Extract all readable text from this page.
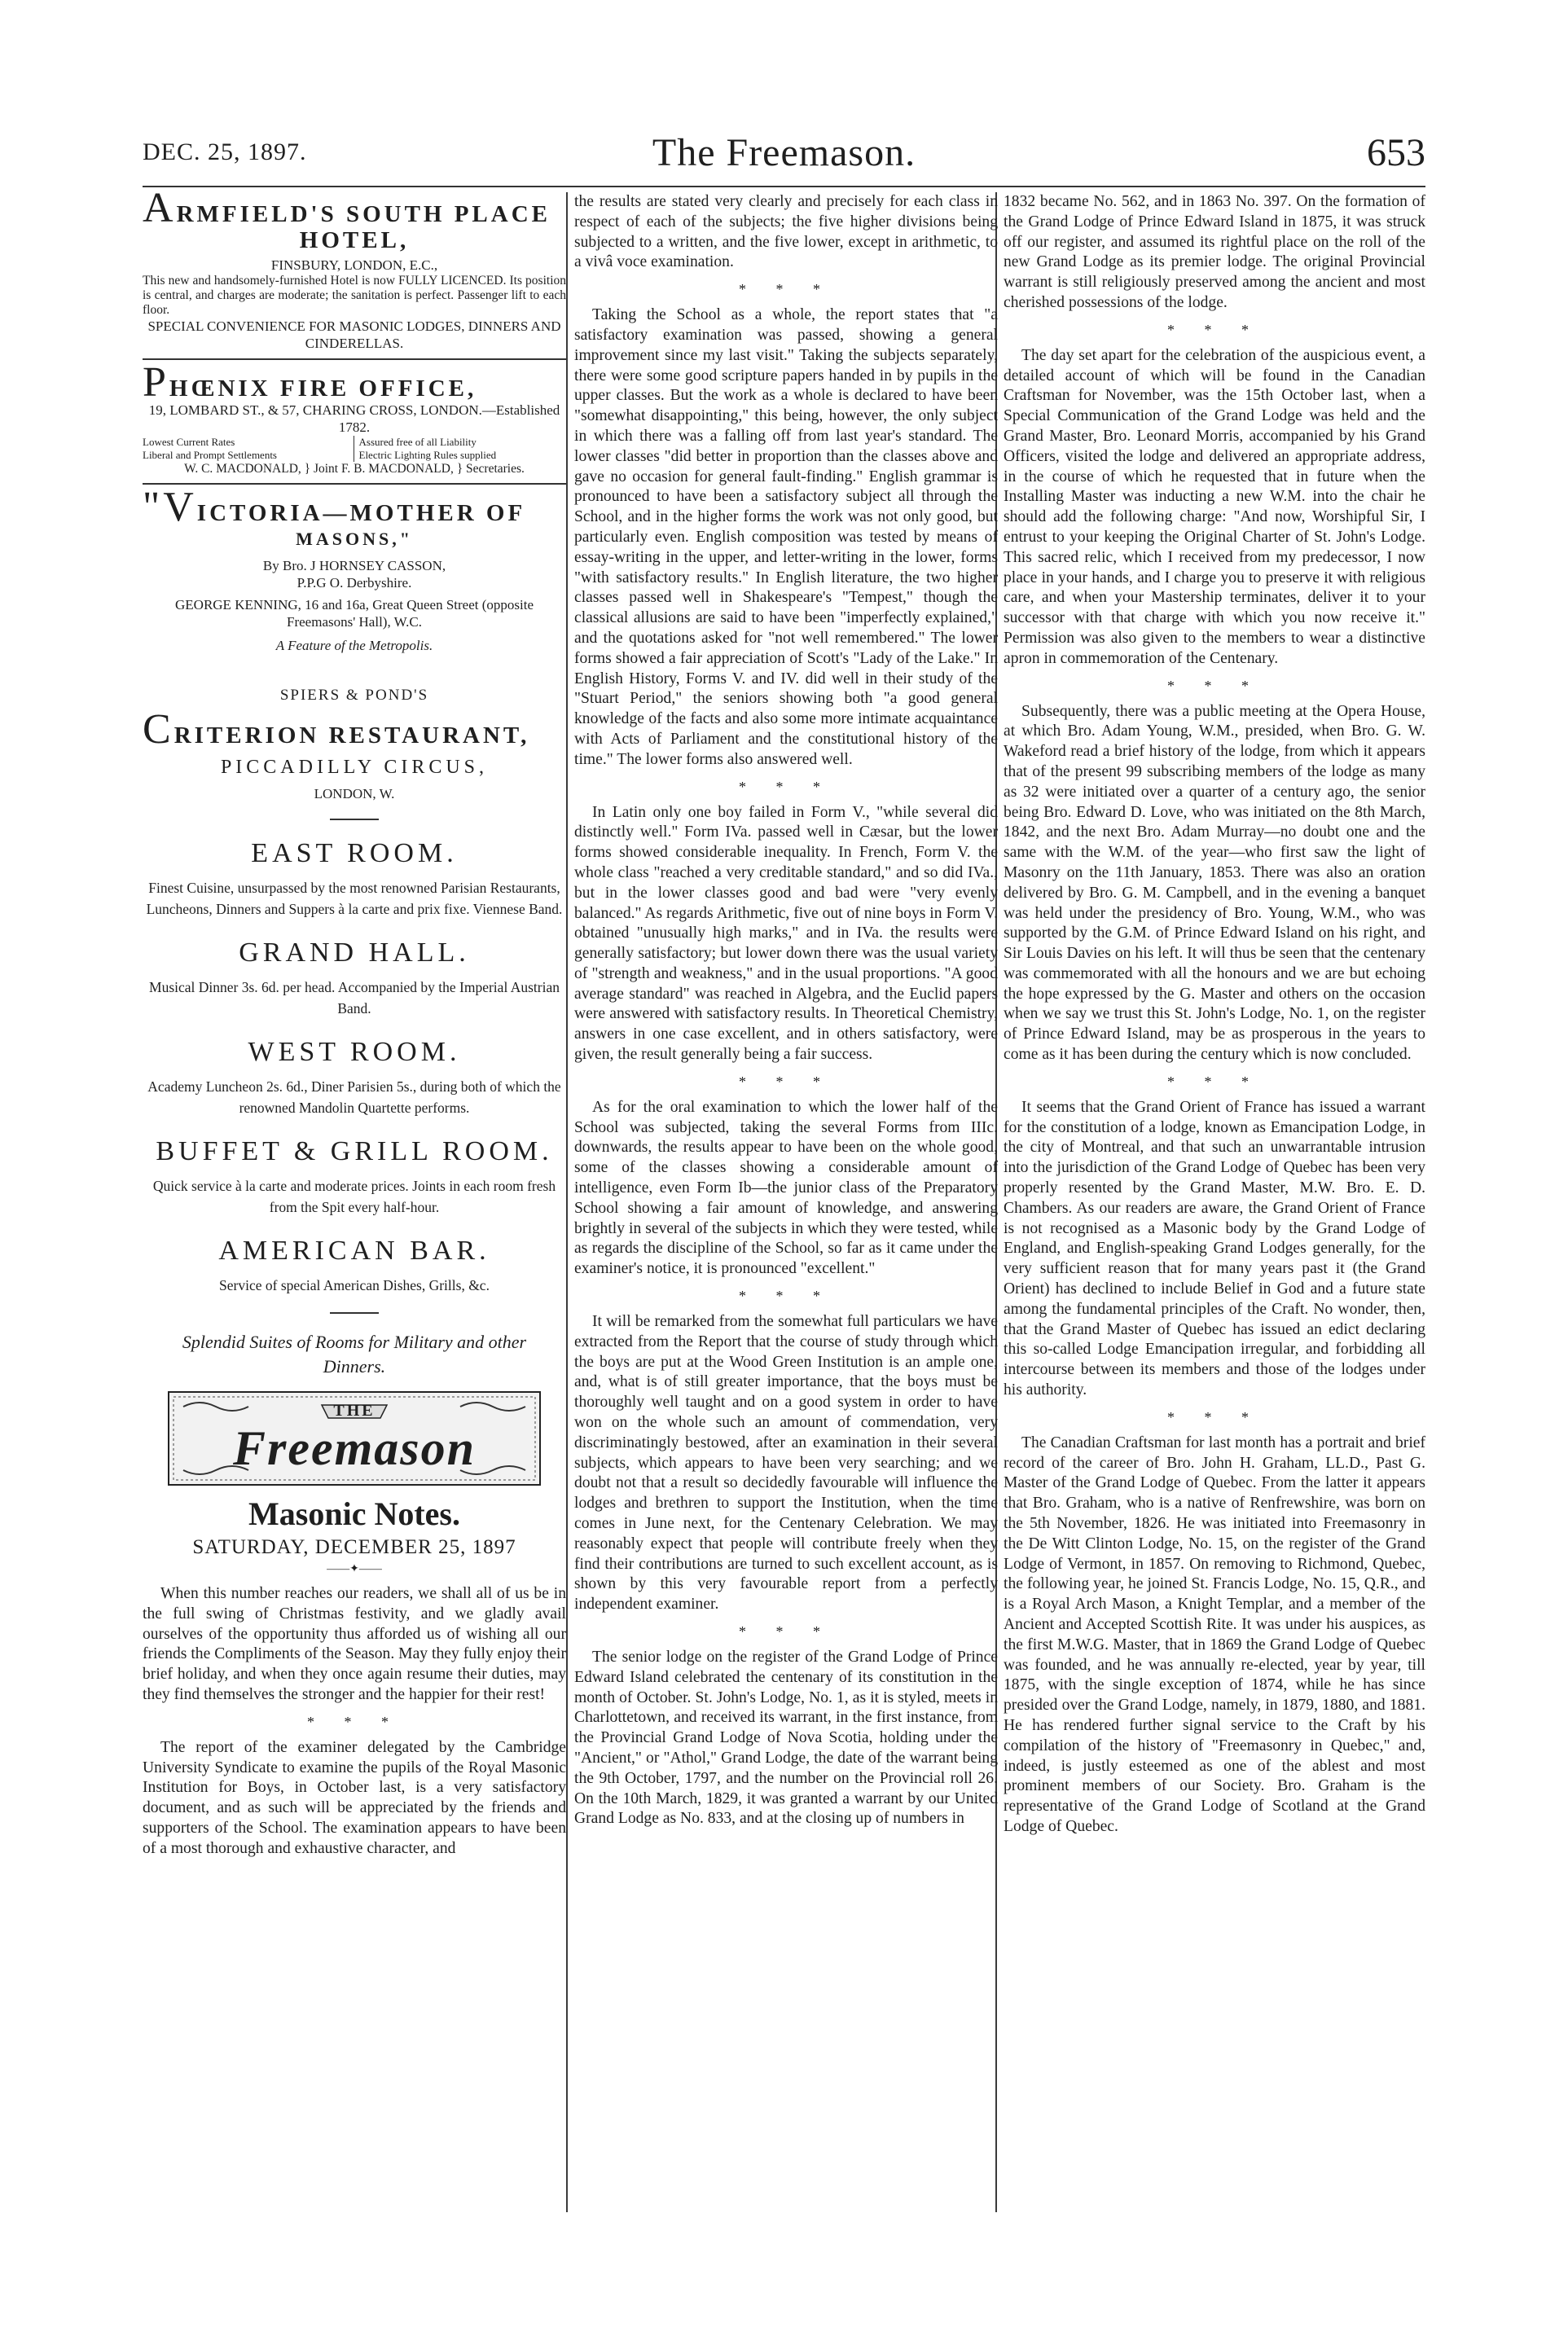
DEC. 25, 1897.	The Freemason.	653
ARMFIELD'S SOUTH PLACE
HOTEL,
FINSBURY, LONDON, E.C.,
This new and handsomely-furnished Hotel is now FULLY LICENCED. Its position is central, and charges are moderate; the sanitation is perfect. Passenger lift to each floor.
SPECIAL CONVENIENCE FOR MASONIC LODGES, DINNERS AND CINDERELLAS.
PHŒNIX FIRE OFFICE,
19, LOMBARD ST., & 57, CHARING CROSS, LONDON.—Established 1782.
Lowest Current Rates
Liberal and Prompt Settlements
Assured free of all Liability
Electric Lighting Rules supplied
W. C. MACDONALD, } Joint F. B. MACDONALD, } Secretaries.
"VICTORIA—MOTHER OF
MASONS,"
By Bro. J HORNSEY CASSON,
P.P.G O. Derbyshire.
GEORGE KENNING, 16 and 16a, Great Queen Street (opposite Freemasons' Hall), W.C.
A Feature of the Metropolis.
SPIERS & POND'S
CRITERION RESTAURANT,
PICCADILLY CIRCUS,
LONDON, W.
EAST ROOM.
Finest Cuisine, unsurpassed by the most renowned Parisian Restaurants, Luncheons, Dinners and Suppers à la carte and prix fixe. Viennese Band.
GRAND HALL.
Musical Dinner 3s. 6d. per head. Accompanied by the Imperial Austrian Band.
WEST ROOM.
Academy Luncheon 2s. 6d., Diner Parisien 5s., during both of which the renowned Mandolin Quartette performs.
BUFFET & GRILL ROOM.
Quick service à la carte and moderate prices. Joints in each room fresh from the Spit every half-hour.
AMERICAN BAR.
Service of special American Dishes, Grills, &c.
Splendid Suites of Rooms for Military and other Dinners.
THE
Freemason
Masonic Notes.
SATURDAY, DECEMBER 25, 1897
——✦——

When this number reaches our readers, we shall all of us be in the full swing of Christmas festivity, and we gladly avail ourselves of the opportunity thus afforded us of wishing all our friends the Compliments of the Season. May they fully enjoy their brief holiday, and when they once again resume their duties, may they find themselves the stronger and the happier for their rest!

* * *

The report of the examiner delegated by the Cambridge University Syndicate to examine the pupils of the Royal Masonic Institution for Boys, in October last, is a very satisfactory document, and as such will be appreciated by the friends and supporters of the School. The examination appears to have been of a most thorough and exhaustive character, and

the results are stated very clearly and precisely for each class in respect of each of the subjects; the five higher divisions being subjected to a written, and the five lower, except in arithmetic, to a vivâ voce examination.

* * *

Taking the School as a whole, the report states that "a satisfactory examination was passed, showing a general improvement since my last visit." Taking the subjects separately, there were some good scripture papers handed in by pupils in the upper classes. But the work as a whole is declared to have been "somewhat disappointing," this being, however, the only subject in which there was a falling off from last year's standard. The lower classes "did better in proportion than the classes above and gave no occasion for general fault-finding." English grammar is pronounced to have been a satisfactory subject all through the School, and in the higher forms the work was not only good, but particularly even. English composition was tested by means of essay-writing in the upper, and letter-writing in the lower, forms "with satisfactory results." In English literature, the two higher classes passed well in Shakespeare's "Tempest," though the classical allusions are said to have been "imperfectly explained," and the quotations asked for "not well remembered." The lower forms showed a fair appreciation of Scott's "Lady of the Lake." In English History, Forms V. and IV. did well in their study of the "Stuart Period," the seniors showing both "a good general knowledge of the facts and also some more intimate acquaintance with Acts of Parliament and the constitutional history of the time." The lower forms also answered well.

* * *

In Latin only one boy failed in Form V., "while several did distinctly well." Form IVa. passed well in Cæsar, but the lower forms showed considerable inequality. In French, Form V. the whole class "reached a very creditable standard," and so did IVa., but in the lower classes good and bad were "very evenly balanced." As regards Arithmetic, five out of nine boys in Form V. obtained "unusually high marks," and in IVa. the results were generally satisfactory; but lower down there was the usual variety of "strength and weakness," and in the usual proportions. "A good average standard" was reached in Algebra, and the Euclid papers were answered with satisfactory results. In Theoretical Chemistry, answers in one case excellent, and in others satisfactory, were given, the result generally being a fair success.

* * *

As for the oral examination to which the lower half of the School was subjected, taking the several Forms from IIIc. downwards, the results appear to have been on the whole good, some of the classes showing a considerable amount of intelligence, even Form Ib—the junior class of the Preparatory School showing a fair amount of knowledge, and answering brightly in several of the subjects in which they were tested, while as regards the discipline of the School, so far as it came under the examiner's notice, it is pronounced "excellent."

* * *

It will be remarked from the somewhat full particulars we have extracted from the Report that the course of study through which the boys are put at the Wood Green Institution is an ample one, and, what is of still greater importance, that the boys must be thoroughly well taught and on a good system in order to have won on the whole such an amount of commendation, very discriminatingly bestowed, after an examination in their several subjects, which appears to have been very searching; and we doubt not that a result so decidedly favourable will influence the lodges and brethren to support the Institution, when the time comes in June next, for the Centenary Celebration. We may reasonably expect that people will contribute freely when they find their contributions are turned to such excellent account, as is shown by this very favourable report from a perfectly independent examiner.

* * *

The senior lodge on the register of the Grand Lodge of Prince Edward Island celebrated the centenary of its constitution in the month of October. St. John's Lodge, No. 1, as it is styled, meets in Charlottetown, and received its warrant, in the first instance, from the Provincial Grand Lodge of Nova Scotia, holding under the "Ancient," or "Athol," Grand Lodge, the date of the warrant being the 9th October, 1797, and the number on the Provincial roll 26. On the 10th March, 1829, it was granted a warrant by our United Grand Lodge as No. 833, and at the closing up of numbers in

1832 became No. 562, and in 1863 No. 397. On the formation of the Grand Lodge of Prince Edward Island in 1875, it was struck off our register, and assumed its rightful place on the roll of the new Grand Lodge as its premier lodge. The original Provincial warrant is still religiously preserved among the ancient and most cherished possessions of the lodge.

* * *

The day set apart for the celebration of the auspicious event, a detailed account of which will be found in the Canadian Craftsman for November, was the 15th October last, when a Special Communication of the Grand Lodge was held and the Grand Master, Bro. Leonard Morris, accompanied by his Grand Officers, visited the lodge and delivered an appropriate address, in the course of which he requested that in future when the Installing Master was inducting a new W.M. into the chair he should add the following charge: "And now, Worshipful Sir, I entrust to your keeping the Original Charter of St. John's Lodge. This sacred relic, which I received from my predecessor, I now place in your hands, and I charge you to preserve it with religious care, and when your Mastership terminates, deliver it to your successor with that charge with which you now receive it." Permission was also given to the members to wear a distinctive apron in commemoration of the Centenary.

* * *

Subsequently, there was a public meeting at the Opera House, at which Bro. Adam Young, W.M., presided, when Bro. G. W. Wakeford read a brief history of the lodge, from which it appears that of the present 99 subscribing members of the lodge as many as 32 were initiated over a quarter of a century ago, the senior being Bro. Edward D. Love, who was initiated on the 8th March, 1842, and the next Bro. Adam Murray—no doubt one and the same with the W.M. of the year—who first saw the light of Masonry on the 11th January, 1853. There was also an oration delivered by Bro. G. M. Campbell, and in the evening a banquet was held under the presidency of Bro. Young, W.M., who was supported by the G.M. of Prince Edward Island on his right, and Sir Louis Davies on his left. It will thus be seen that the centenary was commemorated with all the honours and we are but echoing the hope expressed by the G. Master and others on the occasion when we say we trust this St. John's Lodge, No. 1, on the register of Prince Edward Island, may be as prosperous in the years to come as it has been during the century which is now concluded.

* * *

It seems that the Grand Orient of France has issued a warrant for the constitution of a lodge, known as Emancipation Lodge, in the city of Montreal, and that such an unwarrantable intrusion into the jurisdiction of the Grand Lodge of Quebec has been very properly resented by the Grand Master, M.W. Bro. E. D. Chambers. As our readers are aware, the Grand Orient of France is not recognised as a Masonic body by the Grand Lodge of England, and English-speaking Grand Lodges generally, for the very sufficient reason that for many years past it (the Grand Orient) has declined to include Belief in God and a future state among the fundamental principles of the Craft. No wonder, then, that the Grand Master of Quebec has issued an edict declaring this so-called Lodge Emancipation irregular, and forbidding all intercourse between its members and those of the lodges under his authority.

* * *

The Canadian Craftsman for last month has a portrait and brief record of the career of Bro. John H. Graham, LL.D., Past G. Master of the Grand Lodge of Quebec. From the latter it appears that Bro. Graham, who is a native of Renfrewshire, was born on the 5th November, 1826. He was initiated into Freemasonry in the De Witt Clinton Lodge, No. 15, on the register of the Grand Lodge of Vermont, in 1857. On removing to Richmond, Quebec, the following year, he joined St. Francis Lodge, No. 15, Q.R., and is a Royal Arch Mason, a Knight Templar, and a member of the Ancient and Accepted Scottish Rite. It was under his auspices, as the first M.W.G. Master, that in 1869 the Grand Lodge of Quebec was founded, and he was annually re-elected, year by year, till 1875, with the single exception of 1874, while he has since presided over the Grand Lodge, namely, in 1879, 1880, and 1881. He has rendered further signal service to the Craft by his compilation of the history of "Freemasonry in Quebec," and, indeed, is justly esteemed as one of the ablest and most prominent members of our Society. Bro. Graham is the representative of the Grand Lodge of Scotland at the Grand Lodge of Quebec.
